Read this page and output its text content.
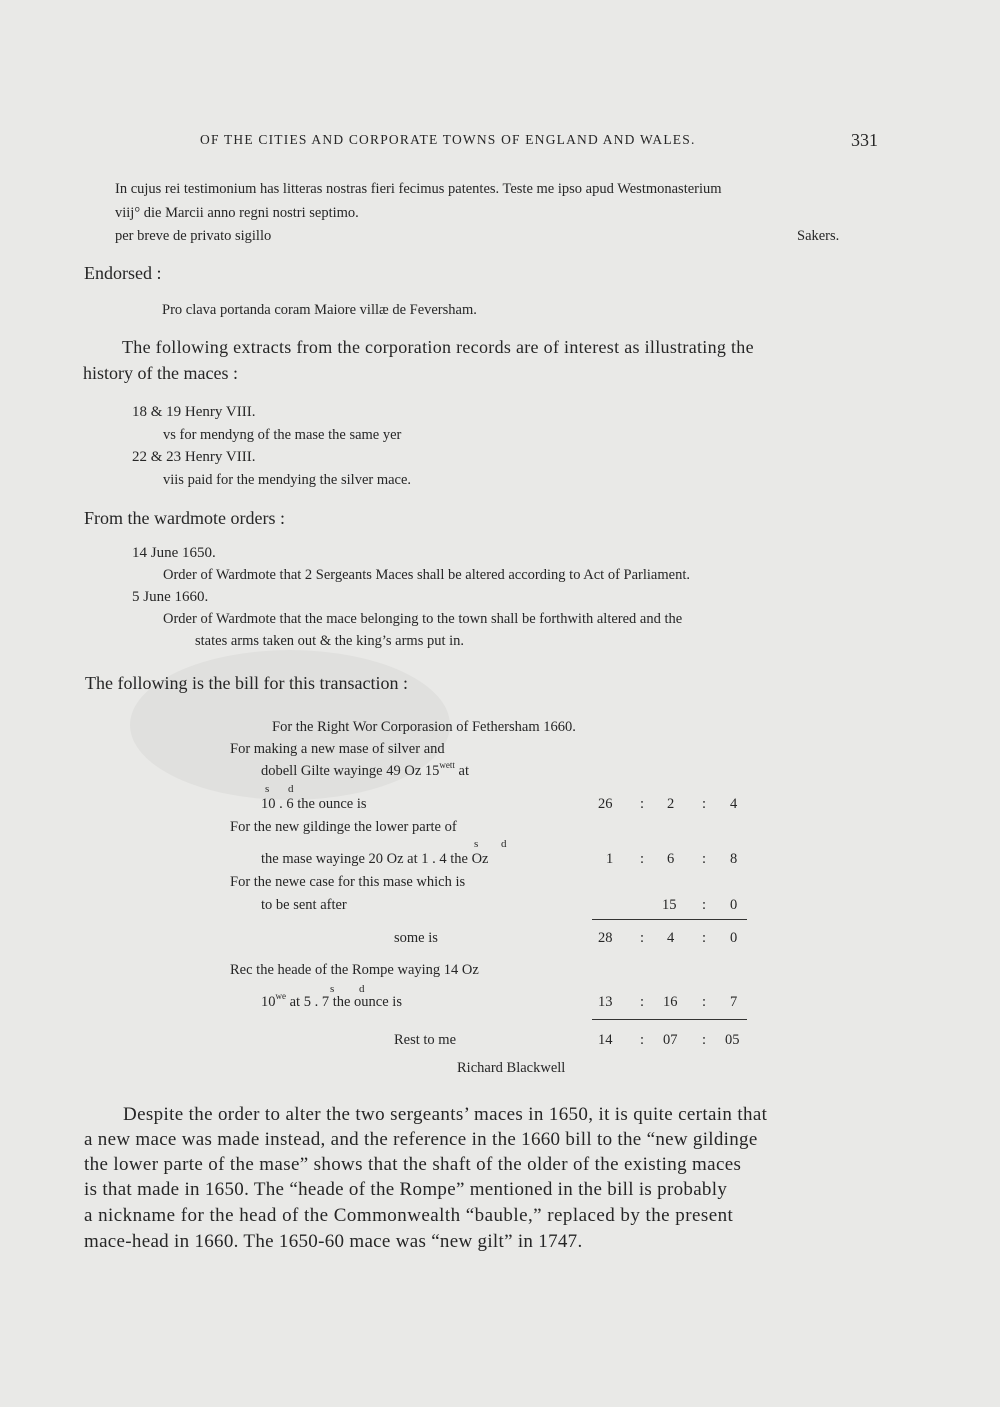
OF THE CITIES AND CORPORATE TOWNS OF ENGLAND AND WALES.	331
In cujus rei testimonium has litteras nostras fieri fecimus patentes. Teste me ipso apud Westmonasterium
viij° die Marcii anno regni nostri septimo.
per breve de privato sigillo	Sakers.
Endorsed :
Pro clava portanda coram Maiore villæ de Feversham.
The following extracts from the corporation records are of interest as illustrating the
history of the maces :
18 & 19 Henry VIII.
vs for mendyng of the mase the same yer
22 & 23 Henry VIII.
viis paid for the mendying the silver mace.
From the wardmote orders :
14 June 1650.
Order of Wardmote that 2 Sergeants Maces shall be altered according to Act of Parliament.
5 June 1660.
Order of Wardmote that the mace belonging to the town shall be forthwith altered and the
states arms taken out & the king’s arms put in.
The following is the bill for this transaction :
For the Right Wor Corporasion of Fethersham 1660.
For making a new mase of silver and
dobell Gilte wayinge 49 Oz $15^{wett}$ at
s d
10 . 6 the ounce is	26 : 2 : 4
For the new gildinge the lower parte of
s d
the mase wayinge 20 Oz at 1 . 4 the Oz	1 : 6 : 8
For the newe case for this mase which is
to be sent after	15 : 0
some is	28 : 4 : 0
Rec the heade of the Rompe waying 14 Oz
s d
$10^{we}$ at 5 . 7 the ounce is	13 : 16 : 7
Rest to me	14 : 07 : 05
Richard Blackwell
Despite the order to alter the two sergeants’ maces in 1650, it is quite certain that
a new mace was made instead, and the reference in the 1660 bill to the “new gildinge
the lower parte of the mase” shows that the shaft of the older of the existing maces
is that made in 1650. The “heade of the Rompe” mentioned in the bill is probably
a nickname for the head of the Commonwealth “bauble,” replaced by the present
mace-head in 1660. The 1650-60 mace was “new gilt” in 1747.
